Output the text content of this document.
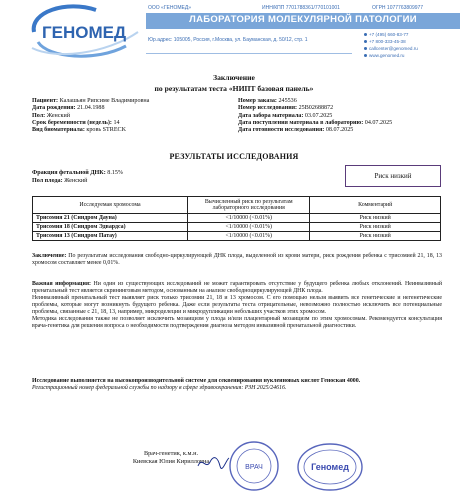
ГЕНОМЕД
ООО «ГЕНОМЕД»	ИНН/КПП 7701788361/770101001	ОГРН 1077763809977
ЛАБОРАТОРИЯ МОЛЕКУЛЯРНОЙ ПАТОЛОГИИ
Юр.адрес: 105005, Россия, г.Москва, ул. Бауманская, д. 50/12, стр. 1
+7 (495) 660-83-77
+7 800-333-45-38
callcenter@genomed.ru
www.genomed.ru
Заключение
по результатам теста «НИПТ базовая панель»
Пациент: Калашьян Рипсиме Владимировна
Дата рождения: 21.04.1988
Пол: Женский
Срок беременности (недель): 14
Вид биоматериала: кровь STRECK
Номер заказа: 245536
Номер исследования: 25B02688872
Дата забора материала: 03.07.2025
Дата поступления материала в лабораторию: 04.07.2025
Дата готовности исследования: 08.07.2025
РЕЗУЛЬТАТЫ ИССЛЕДОВАНИЯ
Фракция фетальной ДНК: 8.15%
Пол плода: Женский
Риск низкий
Исследуемая хромосома	Вычисленный риск по результатам лабораторного исследования	Комментарий
Трисомия 21 (Синдром Дауна)	<1/10000 (<0.01%)	Риск низкий
Трисомия 18 (Синдром Эдвардса)	<1/10000 (<0.01%)	Риск низкий
Трисомия 13 (Синдром Патау)	<1/10000 (<0.01%)	Риск низкий
Заключение: По результатам исследования свободно-циркулирующей ДНК плода, выделенной из крови матери, риск рождения ребенка с трисомией 21, 18, 13 хромосом составляет менее 0,01%.
Важная информация: Ни один из существующих исследований не может гарантировать отсутствие у будущего ребенка любых отклонений. Неинвазивный пренатальный тест является скрининговым методом, основанным на анализе свободноциркулирующей ДНК плода.
Неинвазивный пренатальный тест выявляет риск только трисомии 21, 18 и 13 хромосом. С его помощью нельзя выявить все генетические и негенетические проблемы, которые могут возникнуть будущего ребенка. Даже если результаты теста отрицательные, невозможно полностью исключить все потенциальные проблемы, связанные с 21, 18, 13, например, микроделеции и микродупликации небольших участков этих хромосом.
Методика исследования также не позволяет исключить мозаицизм у плода и/или плацентарный мозаицизм по этим хромосомам. Рекомендуется консультация врача-генетика для решения вопроса о необходимости подтверждения диагноза методом инвазивной пренатальной диагностики.
Исследование выполняется на высокопроизводительной системе для секвенирования нуклеиновых кислот Геноскан 4000.
Регистрационный номер федеральной службы по надзору в сфере здравоохранения: РЗН 2025/24616.
Врач-генетик, к.м.н.
Киевская Юлия Кирилловна
ВРАЧ	Геномед
